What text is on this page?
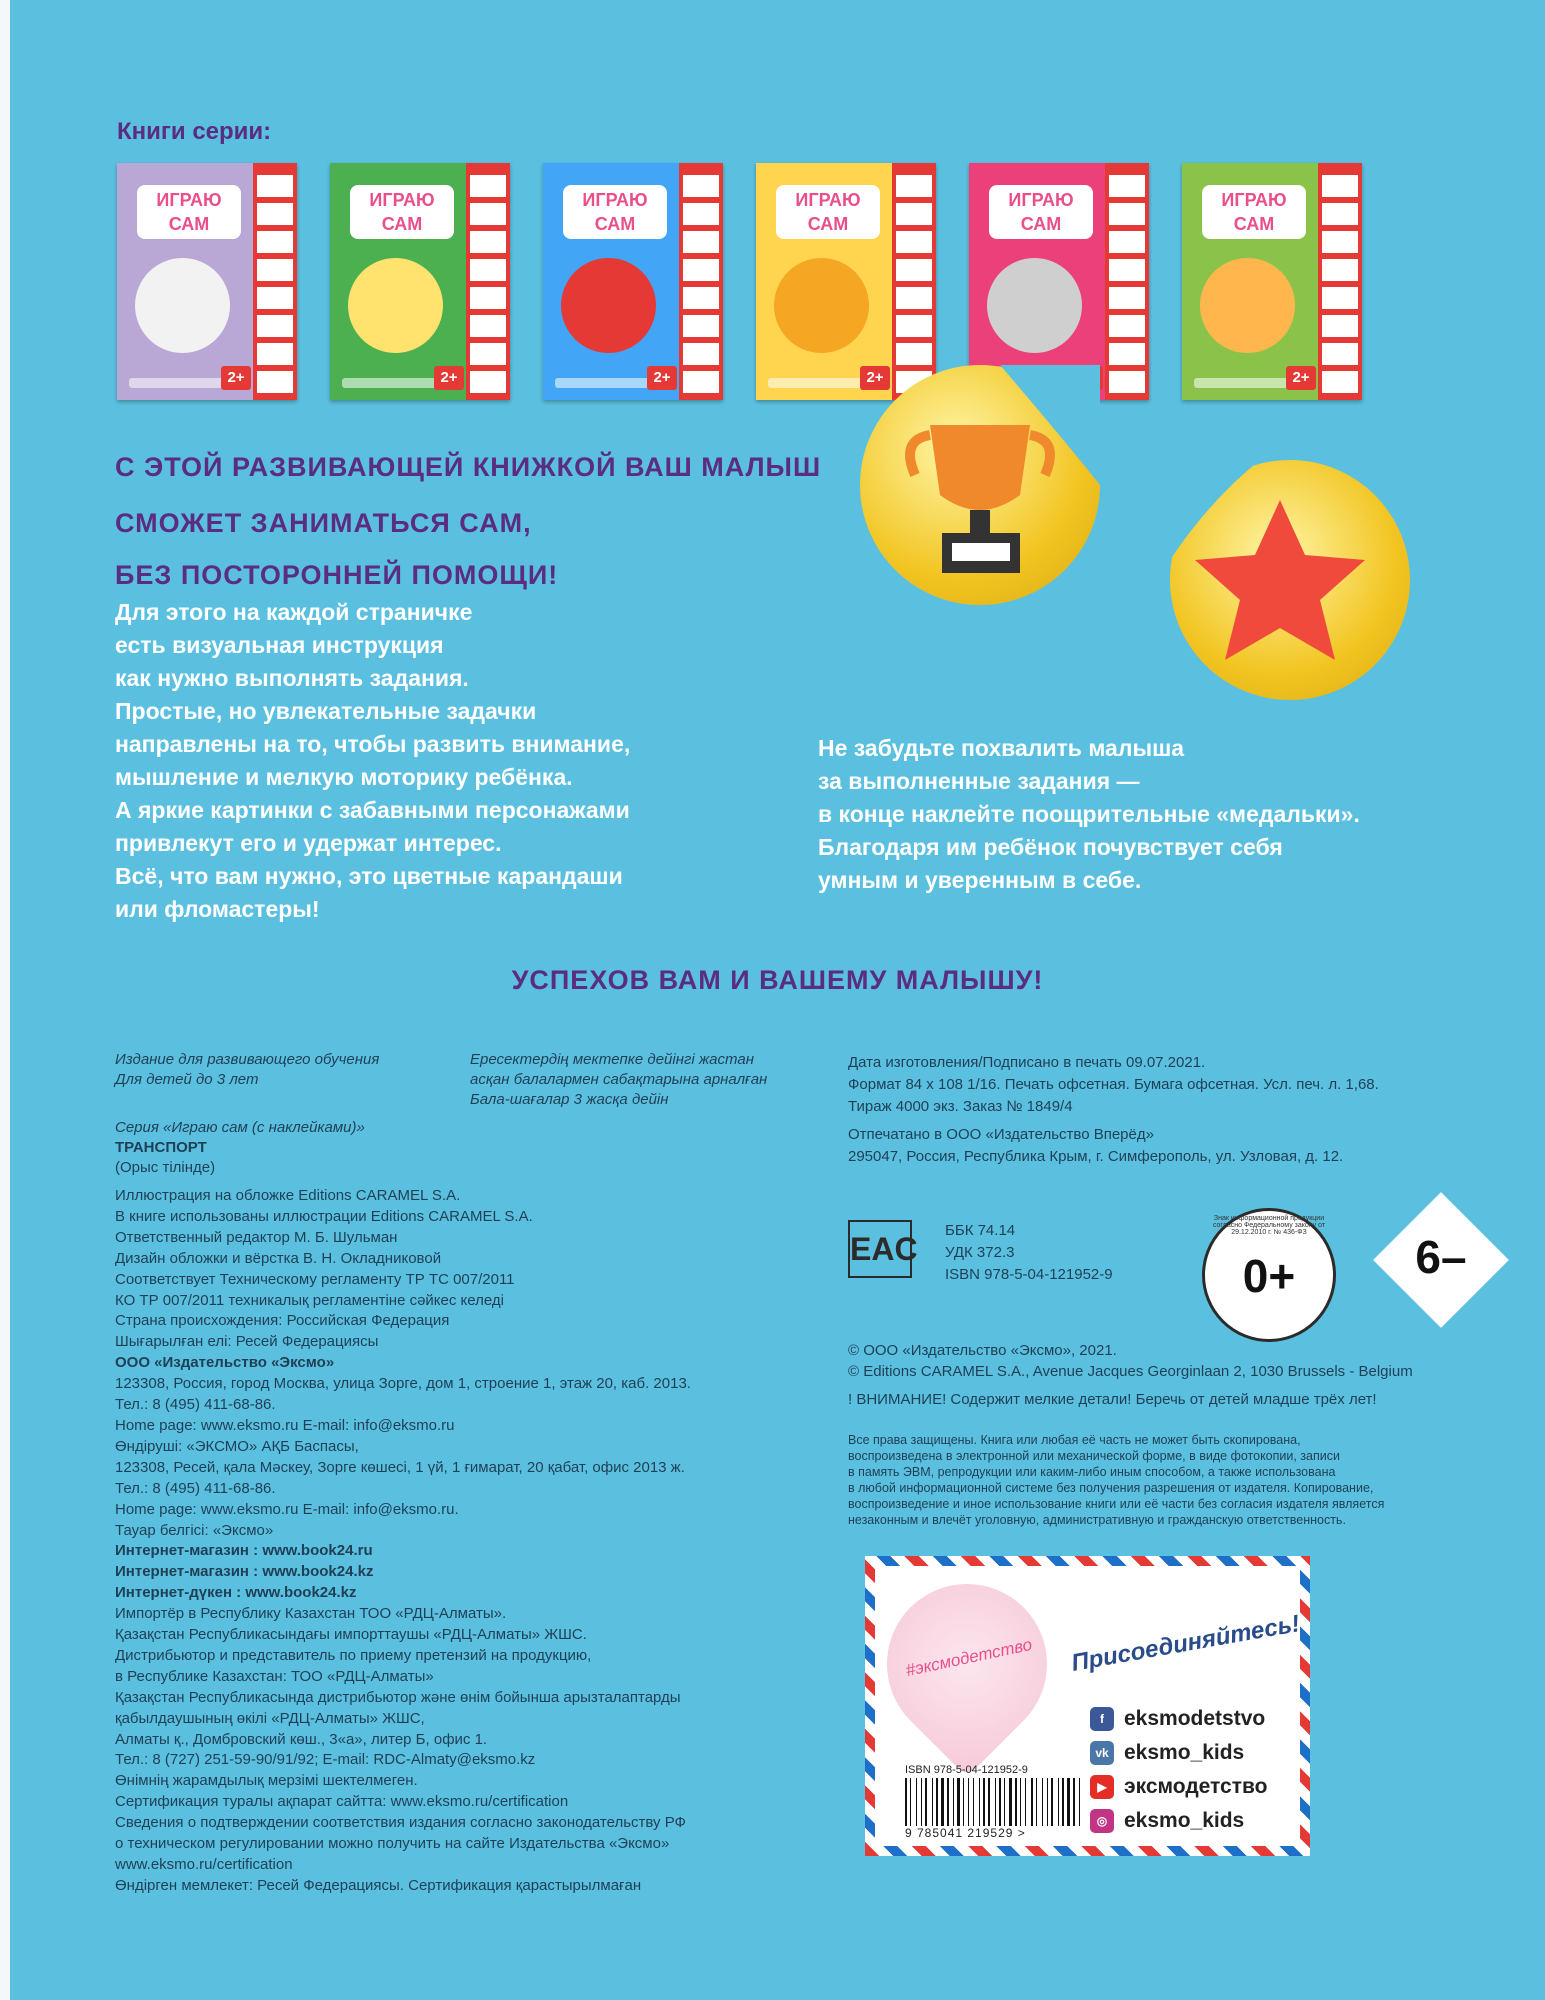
Книги серии:
ИГРАЮ
САМ
2+
ИГРАЮ
САМ
2+
ИГРАЮ
САМ
2+
ИГРАЮ
САМ
2+
ИГРАЮ
САМ
ИГРАЮ
САМ
2+
С ЭТОЙ РАЗВИВАЮЩЕЙ КНИЖКОЙ ВАШ МАЛЫШ
СМОЖЕТ ЗАНИМАТЬСЯ САМ,
БЕЗ ПОСТОРОННЕЙ ПОМОЩИ!
Для этого на каждой страничке
есть визуальная инструкция
как нужно выполнять задания.
Простые, но увлекательные задачки
направлены на то, чтобы развить внимание,
мышление и мелкую моторику ребёнка.
А яркие картинки с забавными персонажами
привлекут его и удержат интерес.
Всё, что вам нужно, это цветные карандаши
или фломастеры!
Не забудьте похвалить малыша
за выполненные задания —
в конце наклейте поощрительные «медальки».
Благодаря им ребёнок почувствует себя
умным и уверенным в себе.
УСПЕХОВ ВАМ И ВАШЕМУ МАЛЫШУ!
Издание для развивающего обучения
Для детей до 3 лет
Ересектердің мектепке дейінгі жастан
асқан балалармен сабақтарына арналған
Бала-шағалар 3 жасқа дейін
Дата изготовления/Подписано в печать 09.07.2021.
Формат 84 x 108 1/16. Печать офсетная. Бумага офсетная. Усл. печ. л. 1,68.
Тираж 4000 экз. Заказ № 1849/4
Отпечатано в ООО «Издательство Вперёд»
295047, Россия, Республика Крым, г. Симферополь, ул. Узловая, д. 12.
Серия «Играю сам (с наклейками)»
ТРАНСПОРТ
(Орыс тілінде)
Иллюстрация на обложке Editions CARAMEL S.A.
В книге использованы иллюстрации Editions CARAMEL S.A.
Ответственный редактор М. Б. Шульман
Дизайн обложки и вёрстка В. Н. Окладниковой
Соответствует Техническому регламенту ТР ТС 007/2011
КО ТР 007/2011 техникалық регламентіне сәйкес келеді
Страна происхождения: Российская Федерация
Шығарылған елі: Ресей Федерациясы
ООО «Издательство «Эксмо»
123308, Россия, город Москва, улица Зорге, дом 1, строение 1, этаж 20, каб. 2013.
Тел.: 8 (495) 411-68-86.
Home page: www.eksmo.ru E-mail: info@eksmo.ru
Өндіруші: «ЭКСМО» АҚБ Баспасы,
123308, Ресей, қала Мәскеу, Зорге көшесі, 1 үй, 1 ғимарат, 20 қабат, офис 2013 ж.
Тел.: 8 (495) 411-68-86.
Home page: www.eksmo.ru E-mail: info@eksmo.ru.
Тауар белгісі: «Эксмо»
Интернет-магазин : www.book24.ru
Интернет-магазин : www.book24.kz
Интернет-дүкен : www.book24.kz
Импортёр в Республику Казахстан ТОО «РДЦ-Алматы».
Қазақстан Республикасындағы импорттаушы «РДЦ-Алматы» ЖШС.
Дистрибьютор и представитель по приему претензий на продукцию,
в Республике Казахстан: ТОО «РДЦ-Алматы»
Қазақстан Республикасында дистрибьютор және өнім бойынша арызталаптарды
қабылдаушының өкілі «РДЦ-Алматы» ЖШС,
Алматы қ., Домбровский көш., 3«а», литер Б, офис 1.
Тел.: 8 (727) 251-59-90/91/92; E-mail: RDC-Almaty@eksmo.kz
Өнімнің жарамдылық мерзімі шектелмеген.
Сертификация туралы ақпарат сайтта: www.eksmo.ru/certification
Сведения о подтверждении соответствия издания согласно законодательству РФ
о техническом регулировании можно получить на сайте Издательства «Эксмо»
www.eksmo.ru/certification
Өндірген мемлекет: Ресей Федерациясы. Сертификация қарастырылмаған
EAC
ББК 74.14
УДК 372.3
ISBN 978-5-04-121952-9	0+
Знак информационной продукции согласно Федеральному закону от 29.12.2010 г. № 436-ФЗ	6–
© ООО «Издательство «Эксмо», 2021.
© Editions CARAMEL S.A., Avenue Jacques Georginlaan 2, 1030 Brussels - Belgium
! ВНИМАНИЕ! Содержит мелкие детали! Беречь от детей младше трёх лет!
Все права защищены. Книга или любая её часть не может быть скопирована,
воспроизведена в электронной или механической форме, в виде фотокопии, записи
в память ЭВМ, репродукции или каким-либо иным способом, а также использована
в любой информационной системе без получения разрешения от издателя. Копирование,
воспроизведение и иное использование книги или её части без согласия издателя является
незаконным и влечёт уголовную, административную и гражданскую ответственность.
#эксмодетство	Присоединяйтесь!
f eksmodetstvo
vk eksmo_kids
▶ эксмодетство
◎ eksmo_kids
ISBN 978-5-04-121952-9
9 785041 219529 >
